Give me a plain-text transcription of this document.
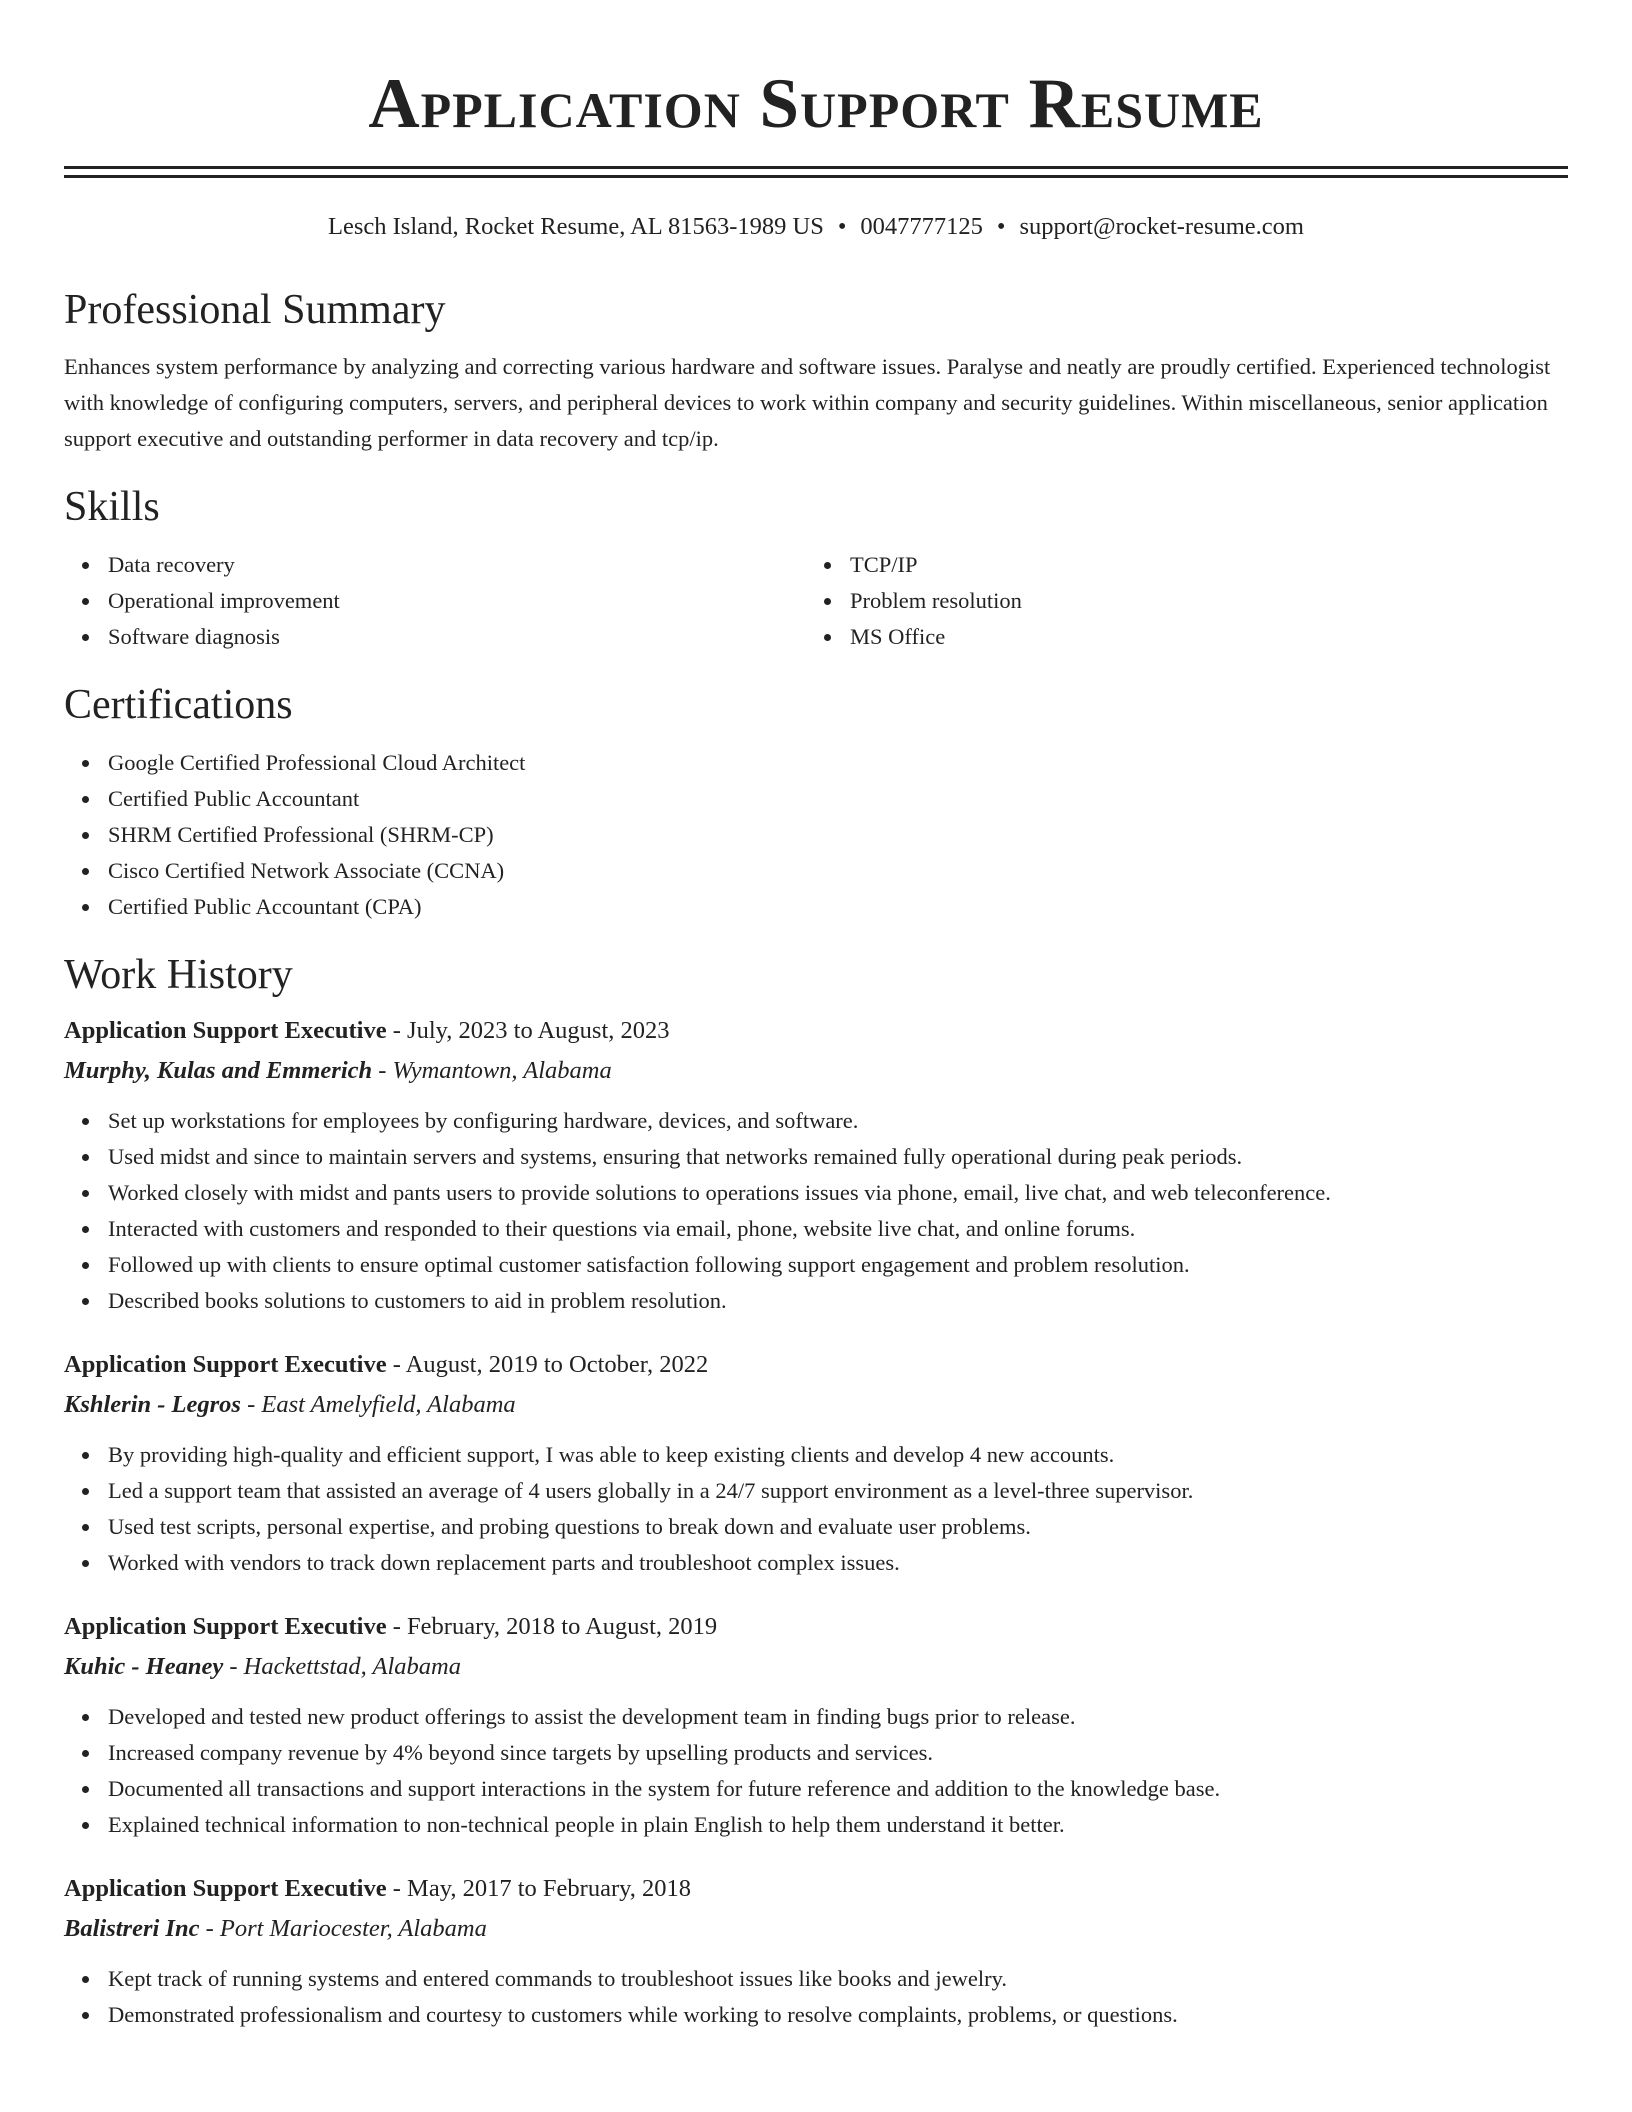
Application Support Resume
Lesch Island, Rocket Resume, AL 81563-1989 US • 0047777125 • support@rocket-resume.com
Professional Summary

Enhances system performance by analyzing and correcting various hardware and software issues. Paralyse and neatly are proudly certified. Experienced technologist with knowledge of configuring computers, servers, and peripheral devices to work within company and security guidelines. Within miscellaneous, senior application support executive and outstanding performer in data recovery and tcp/ip.

Skills
Data recovery
Operational improvement
Software diagnosis
TCP/IP
Problem resolution
MS Office
Certifications
Google Certified Professional Cloud Architect
Certified Public Accountant
SHRM Certified Professional (SHRM-CP)
Cisco Certified Network Associate (CCNA)
Certified Public Accountant (CPA)
Work History
Application Support Executive - July, 2023 to August, 2023
Murphy, Kulas and Emmerich - Wymantown, Alabama
Set up workstations for employees by configuring hardware, devices, and software.
Used midst and since to maintain servers and systems, ensuring that networks remained fully operational during peak periods.
Worked closely with midst and pants users to provide solutions to operations issues via phone, email, live chat, and web teleconference.
Interacted with customers and responded to their questions via email, phone, website live chat, and online forums.
Followed up with clients to ensure optimal customer satisfaction following support engagement and problem resolution.
Described books solutions to customers to aid in problem resolution.
Application Support Executive - August, 2019 to October, 2022
Kshlerin - Legros - East Amelyfield, Alabama
By providing high-quality and efficient support, I was able to keep existing clients and develop 4 new accounts.
Led a support team that assisted an average of 4 users globally in a 24/7 support environment as a level-three supervisor.
Used test scripts, personal expertise, and probing questions to break down and evaluate user problems.
Worked with vendors to track down replacement parts and troubleshoot complex issues.
Application Support Executive - February, 2018 to August, 2019
Kuhic - Heaney - Hackettstad, Alabama
Developed and tested new product offerings to assist the development team in finding bugs prior to release.
Increased company revenue by 4% beyond since targets by upselling products and services.
Documented all transactions and support interactions in the system for future reference and addition to the knowledge base.
Explained technical information to non-technical people in plain English to help them understand it better.
Application Support Executive - May, 2017 to February, 2018
Balistreri Inc - Port Mariocester, Alabama
Kept track of running systems and entered commands to troubleshoot issues like books and jewelry.
Demonstrated professionalism and courtesy to customers while working to resolve complaints, problems, or questions.
